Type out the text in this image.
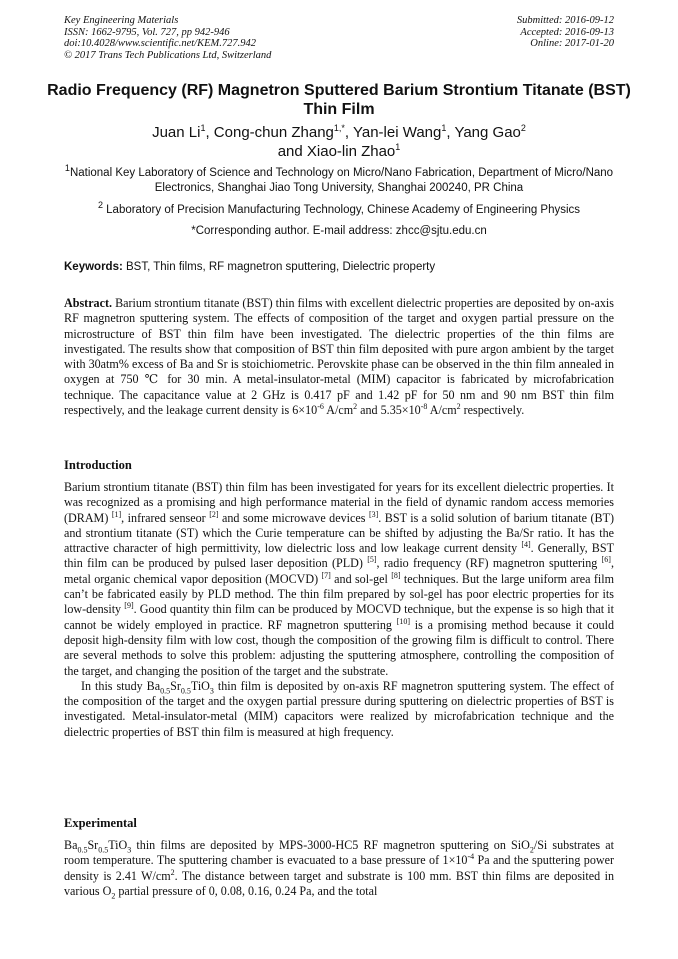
Key Engineering Materials
ISSN: 1662-9795, Vol. 727, pp 942-946
doi:10.4028/www.scientific.net/KEM.727.942
© 2017 Trans Tech Publications Ltd, Switzerland
Submitted: 2016-09-12
Accepted: 2016-09-13
Online: 2017-01-20
Radio Frequency (RF) Magnetron Sputtered Barium Strontium Titanate (BST) Thin Film
Juan Li$^1$, Cong-chun Zhang$^{1,*}$, Yan-lei Wang$^1$, Yang Gao$^2$
and Xiao-lin Zhao$^1$
$^1$National Key Laboratory of Science and Technology on Micro/Nano Fabrication, Department of Micro/Nano Electronics, Shanghai Jiao Tong University, Shanghai 200240, PR China
$^2$ Laboratory of Precision Manufacturing Technology, Chinese Academy of Engineering Physics
*Corresponding author. E-mail address: zhcc@sjtu.edu.cn
Keywords: BST, Thin films, RF magnetron sputtering, Dielectric property

Abstract. Barium strontium titanate (BST) thin films with excellent dielectric properties are deposited by on-axis RF magnetron sputtering system. The effects of composition of the target and oxygen partial pressure on the microstructure of BST thin film have been investigated. The dielectric properties of the thin films are investigated. The results show that composition of BST thin film deposited with pure argon ambient by the target with 30atm% excess of Ba and Sr is stoichiometric. Perovskite phase can be observed in the thin film annealed in oxygen at 750 ℃ for 30 min. A metal-insulator-metal (MIM) capacitor is fabricated by microfabrication technique. The capacitance value at 2 GHz is 0.417 pF and 1.42 pF for 50 nm and 90 nm BST thin film respectively, and the leakage current density is $6\times 10^{-6}$ $A/cm^2$ and $5.35\times 10^{-8}$ $A/cm^2$ respectively.

Introduction

Barium strontium titanate (BST) thin film has been investigated for years for its excellent dielectric properties. It was recognized as a promising and high performance material in the field of dynamic random access memories (DRAM) [1], infrared senseor [2] and some microwave devices [3]. BST is a solid solution of barium titanate (BT) and strontium titanate (ST) which the Curie temperature can be shifted by adjusting the Ba/Sr ratio. It has the attractive character of high permittivity, low dielectric loss and low leakage current density [4]. Generally, BST thin film can be produced by pulsed laser deposition (PLD) [5], radio frequency (RF) magnetron sputtering [6], metal organic chemical vapor deposition (MOCVD) [7] and sol-gel [8] techniques. But the large uniform area film can’t be fabricated easily by PLD method. The thin film prepared by sol-gel has poor electric properties for its low-density [9]. Good quantity thin film can be produced by MOCVD technique, but the expense is so high that it cannot be widely employed in practice. RF magnetron sputtering [10] is a promising method because it could deposit high-density film with low cost, though the composition of the growing film is difficult to control. There are several methods to solve this problem: adjusting the sputtering atmosphere, controlling the composition of the target, and changing the position of the target and the substrate.

In this study $Ba_{0.5}Sr_{0.5}TiO_3$ thin film is deposited by on-axis RF magnetron sputtering system. The effect of the composition of the target and the oxygen partial pressure during sputtering on dielectric properties of BST is investigated. Metal-insulator-metal (MIM) capacitors were realized by microfabrication technique and the dielectric properties of BST thin film is measured at high frequency.

Experimental

$Ba_{0.5}Sr_{0.5}TiO_3$ thin films are deposited by MPS-3000-HC5 RF magnetron sputtering on SiO$_2$/Si substrates at room temperature. The sputtering chamber is evacuated to a base pressure of $1\times 10^{-4}$ Pa and the sputtering power density is 2.41 $W/cm^2$. The distance between target and substrate is 100 mm. BST thin films are deposited in various $O_2$ partial pressure of 0, 0.08, 0.16, 0.24 Pa, and the total
